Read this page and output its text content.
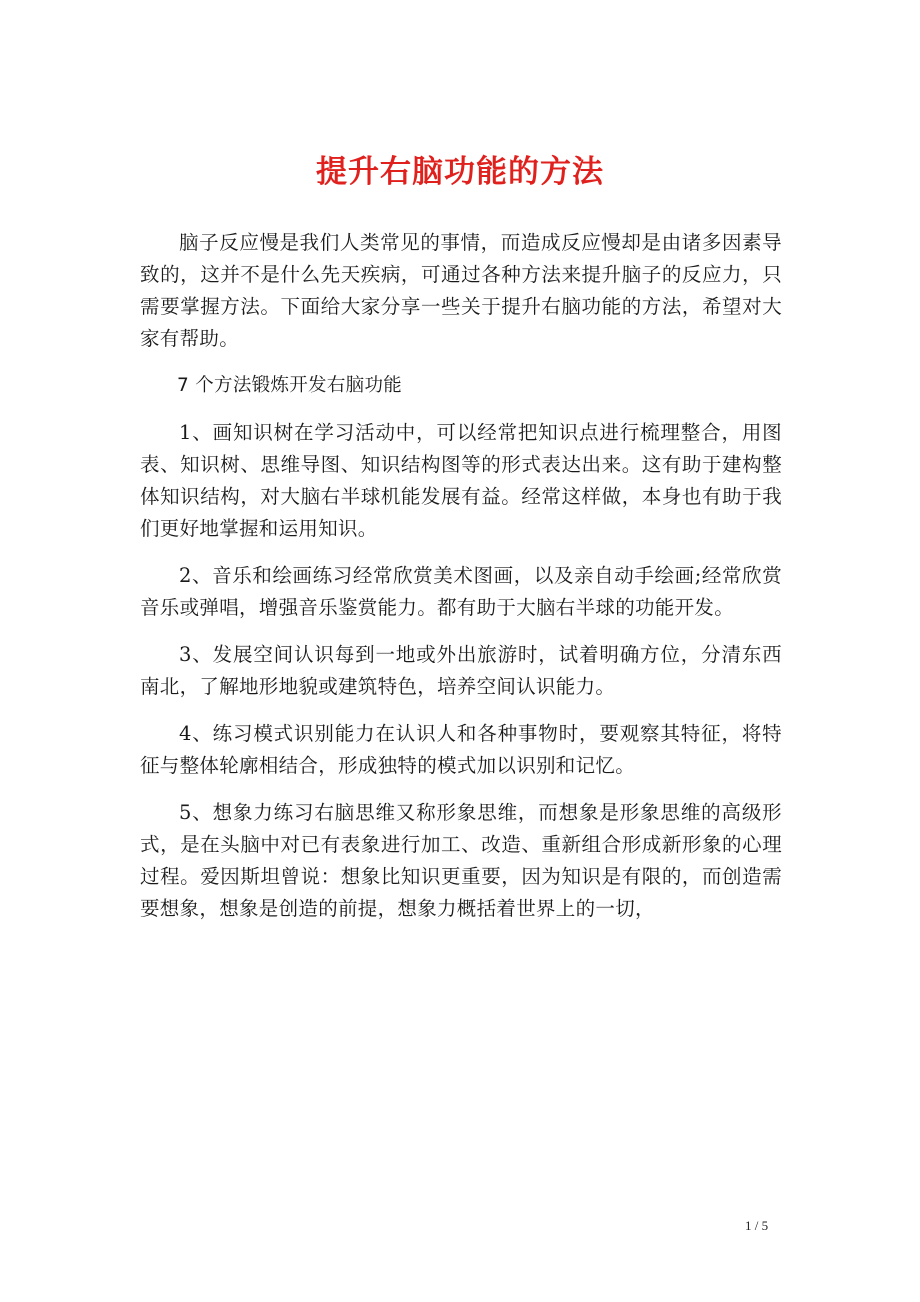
提升右脑功能的方法

脑子反应慢是我们人类常见的事情，而造成反应慢却是由诸多因素导致的，这并不是什么先天疾病，可通过各种方法来提升脑子的反应力，只需要掌握方法。下面给大家分享一些关于提升右脑功能的方法，希望对大家有帮助。

7 个方法锻炼开发右脑功能

1、画知识树在学习活动中，可以经常把知识点进行梳理整合，用图表、知识树、思维导图、知识结构图等的形式表达出来。这有助于建构整体知识结构，对大脑右半球机能发展有益。经常这样做，本身也有助于我们更好地掌握和运用知识。

2、音乐和绘画练习经常欣赏美术图画，以及亲自动手绘画;经常欣赏音乐或弹唱，增强音乐鉴赏能力。都有助于大脑右半球的功能开发。

3、发展空间认识每到一地或外出旅游时，试着明确方位，分清东西南北，了解地形地貌或建筑特色，培养空间认识能力。

4、练习模式识别能力在认识人和各种事物时，要观察其特征，将特征与整体轮廓相结合，形成独特的模式加以识别和记忆。

5、想象力练习右脑思维又称形象思维，而想象是形象思维的高级形式，是在头脑中对已有表象进行加工、改造、重新组合形成新形象的心理过程。爱因斯坦曾说：想象比知识更重要，因为知识是有限的，而创造需要想象，想象是创造的前提，想象力概括着世界上的一切，

1 / 5
